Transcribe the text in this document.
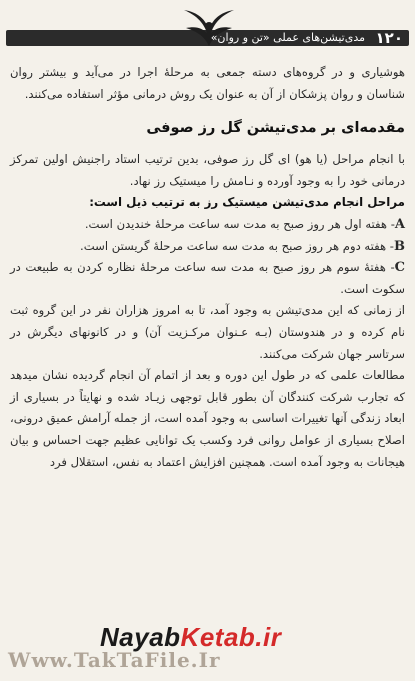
مدی‌تیشن‌های عملی «تن و روان» ۱۲۰

هوشیاری و در گروه‌های دسته جمعی به مرحلهٔ اجرا در می‌آید و بیشتر روان شناسان و روان پزشکان از آن به عنوان یک روش درمانی مؤثر استفاده می‌کنند.

مقدمه‌ای بر مدی‌تیشن گل رز صوفی

با انجام مراحل (یا هو) ای گل رز صوفی، بدین ترتیب استاد راجنیش اولین تمرکز درمانی خود را به وجود آورده و نـامش را میستیک رز نهاد.

مراحل انجام مدی‌تیشن میستیک رز به ترتیب ذیل است:

A- هفته اول هر روز صبح به مدت سه ساعت مرحلهٔ خندیدن است.

B- هفته دوم هر روز صبح به مدت سه ساعت مرحلهٔ گریستن است.

C- هفتهٔ سوم هر روز صبح به مدت سه ساعت مرحلهٔ نظاره کردن به طبیعت در سکوت است.

از زمانی که این مدی‌تیشن به وجود آمد، تا به امروز هزاران نفر در این گروه ثبت نام کرده و در هندوستان (بـه عـنوان مرکـزیت آن) و در کانونهای دیگرش در سرتاسر جهان شرکت می‌کنند.

مطالعات علمی که در طول این دوره و بعد از اتمام آن انجام گردیده نشان میدهد که تجارب شرکت کنندگان آن بطور قابل توجهی زیـاد شده و نهایتاً در بسیاری از ابعاد زندگی آنها تغییرات اساسی به وجود آمده است، از جمله آرامش عمیق درونی، اصلاح بسیاری از عوامل روانی فرد وکسب یک توانایی عظیم جهت احساس و بیان هیجانات به وجود آمده است. همچنین افزایش اعتماد به نفس، استقلال فرد

NayabKetab.ir
Www.TakTaFile.Ir
